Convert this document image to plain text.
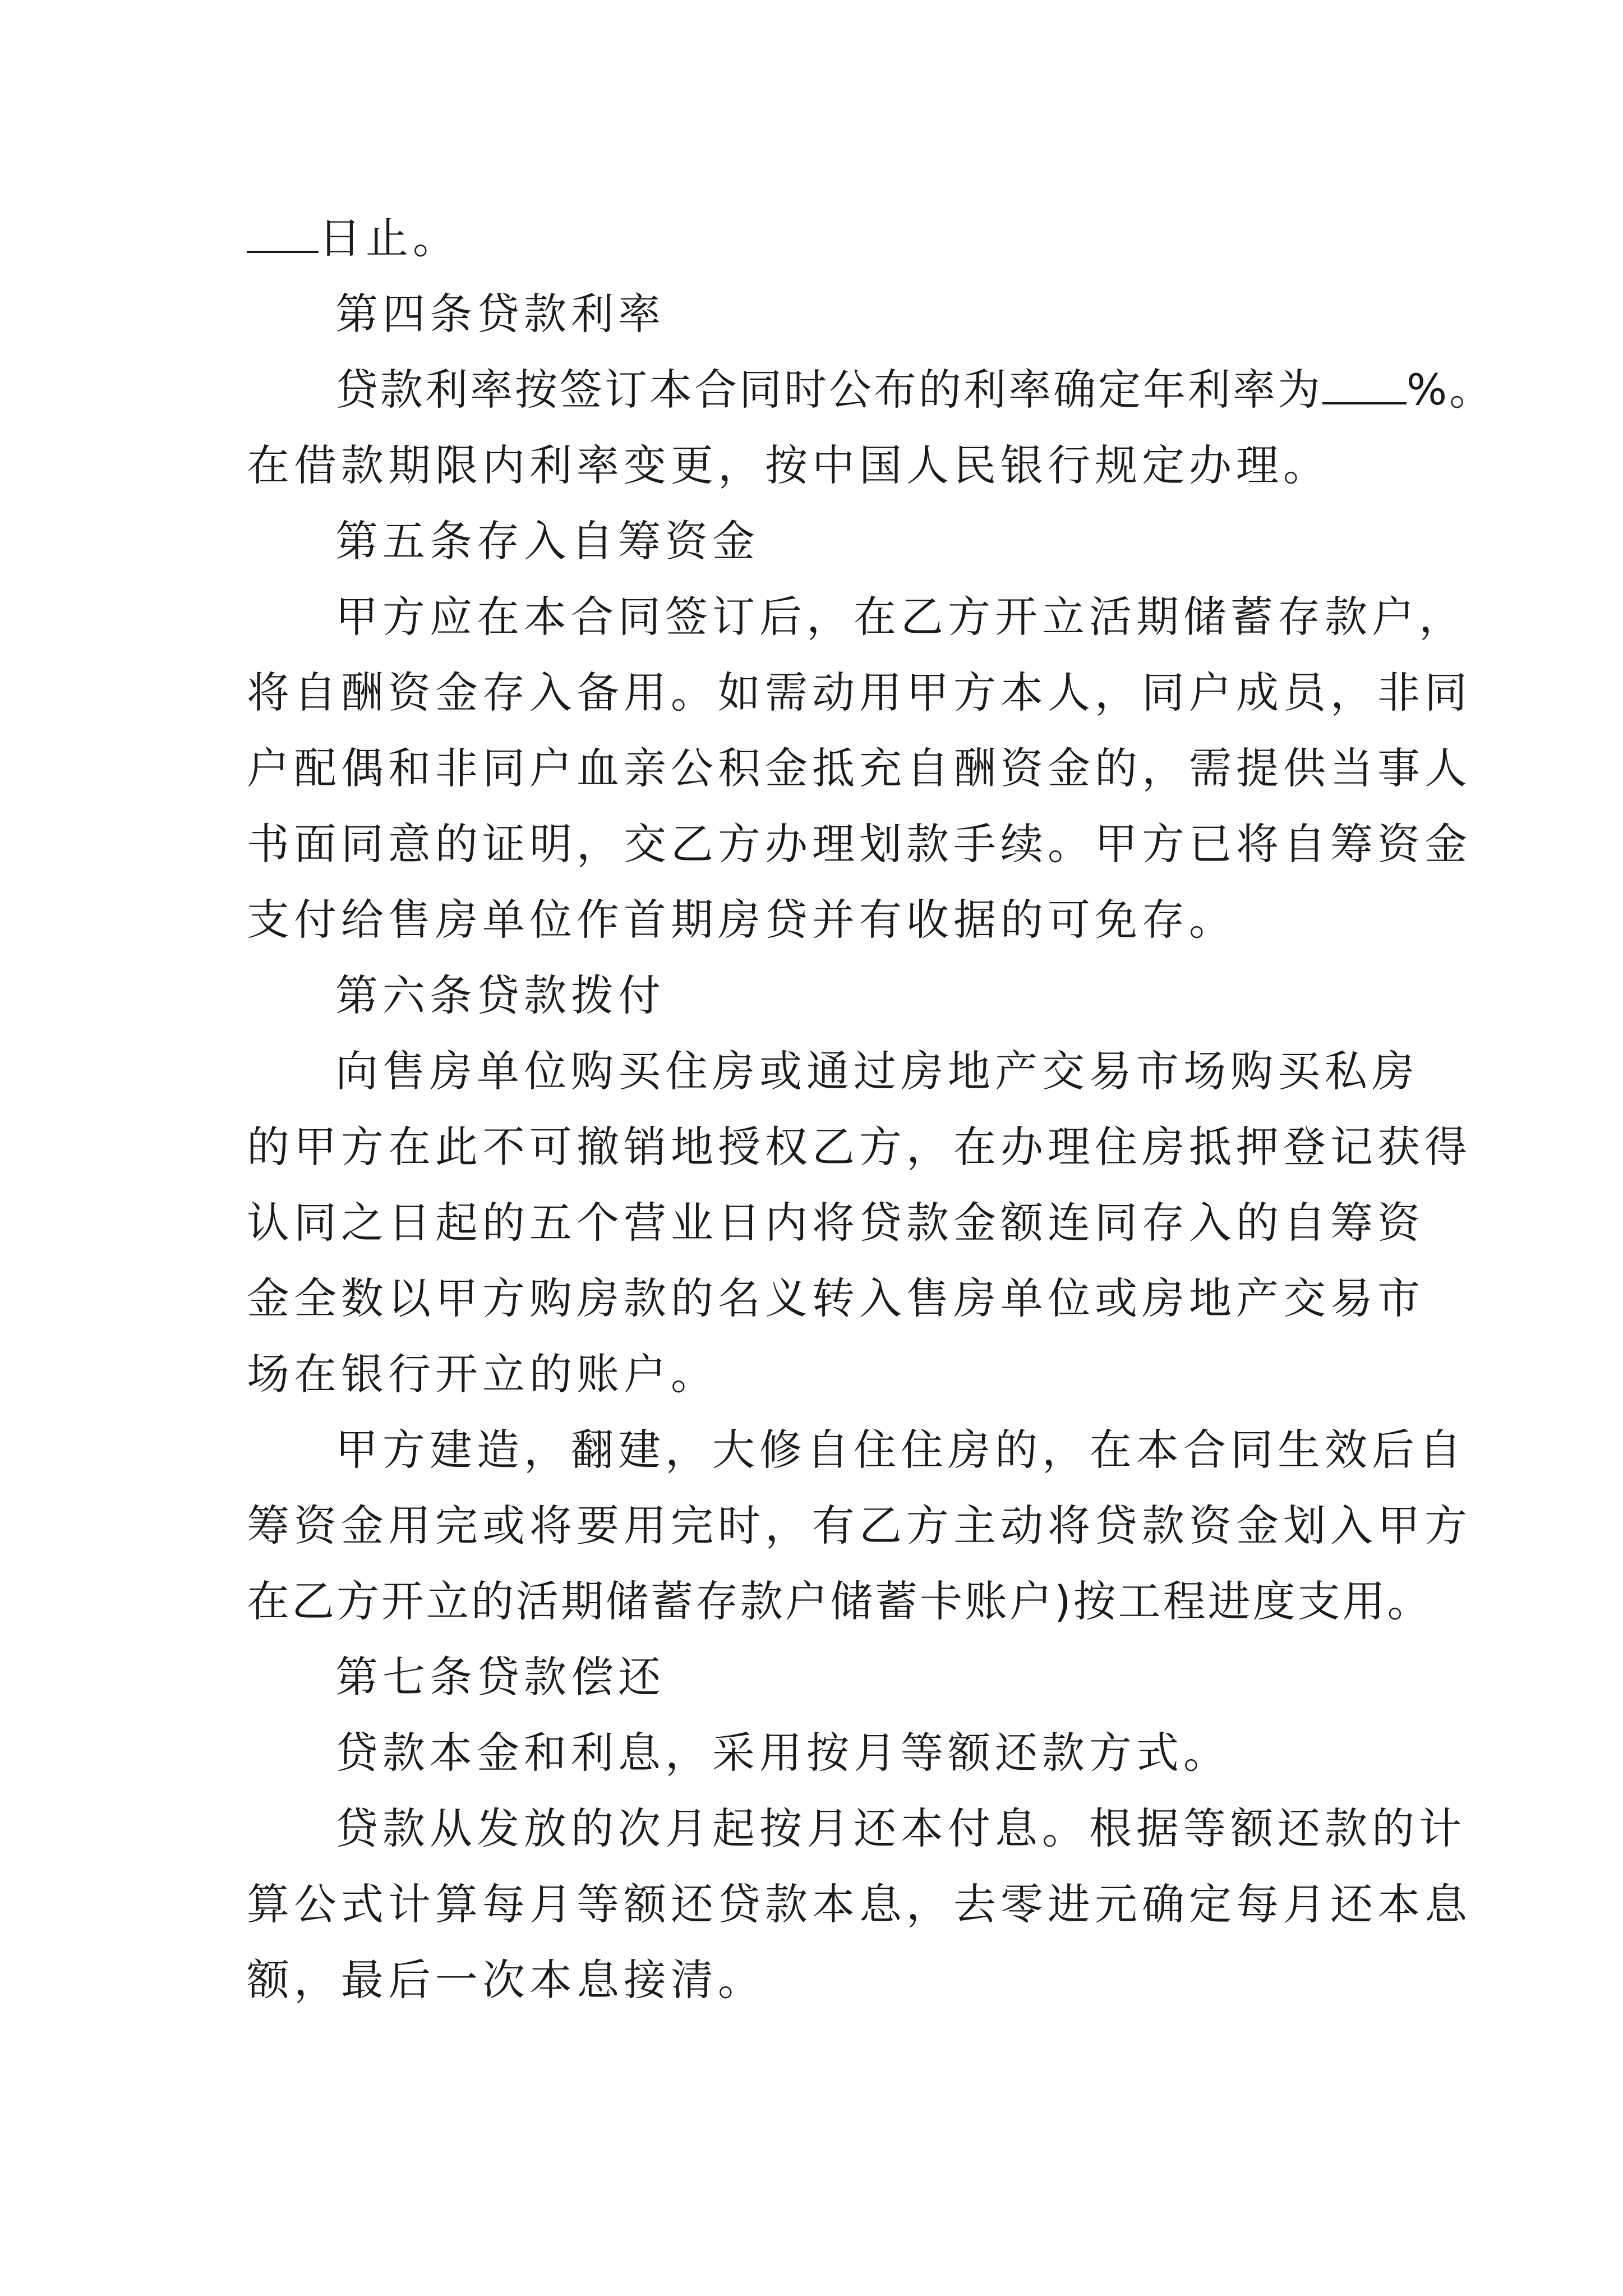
日止。
第四条贷款利率
贷款利率按签订本合同时公布的利率确定年利率为 %。
在借款期限内利率变更，按中国人民银行规定办理。
第五条存入自筹资金
甲方应在本合同签订后，在乙方开立活期储蓄存款户，
将自酬资金存入备用。如需动用甲方本人，同户成员，非同
户配偶和非同户血亲公积金抵充自酬资金的，需提供当事人
书面同意的证明，交乙方办理划款手续。甲方已将自筹资金
支付给售房单位作首期房贷并有收据的可免存。
第六条贷款拨付
向售房单位购买住房或通过房地产交易市场购买私房
的甲方在此不可撤销地授权乙方，在办理住房抵押登记获得
认同之日起的五个营业日内将贷款金额连同存入的自筹资
金全数以甲方购房款的名义转入售房单位或房地产交易市
场在银行开立的账户。
甲方建造，翻建，大修自住住房的，在本合同生效后自
筹资金用完或将要用完时，有乙方主动将贷款资金划入甲方
在乙方开立的活期储蓄存款户储蓄卡账户)按工程进度支用。
第七条贷款偿还
贷款本金和利息，采用按月等额还款方式。
贷款从发放的次月起按月还本付息。根据等额还款的计
算公式计算每月等额还贷款本息，去零进元确定每月还本息
额，最后一次本息接清。
